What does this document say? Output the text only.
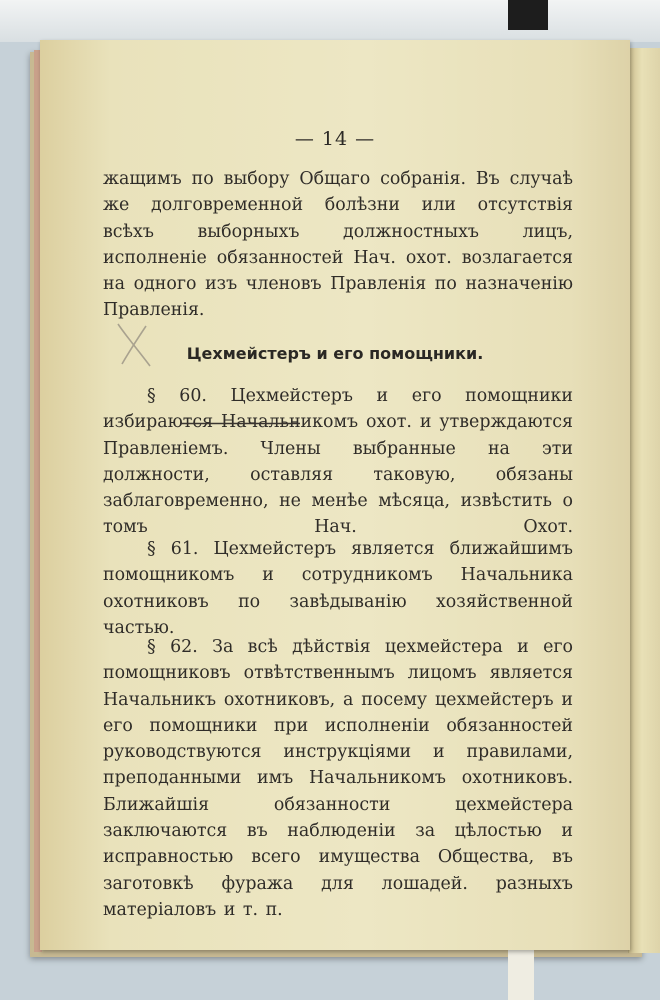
— 14 —

жащимъ по выбору Общаго собранія. Въ случаѣ же долговременной болѣзни или отсутствія всѣхъ выборныхъ должностныхъ лицъ, исполненіе обязанностей Нач. охот. возлагается на одного изъ членовъ Правленія по назначенію Правленія.

Цехмейстеръ и его помощники.

§ 60. Цехмейстеръ и его помощники избираются Начальникомъ охот. и утверждаются Правленіемъ. Члены выбранные на эти должности, оставляя таковую, обязаны заблаговременно, не менѣе мѣсяца, извѣстить о томъ Нач. Охот.

§ 61. Цехмейстеръ является ближайшимъ помощникомъ и сотрудникомъ Начальника охотниковъ по завѣдыванію хозяйственной частью.

§ 62. За всѣ дѣйствія цехмейстера и его помощниковъ отвѣтственнымъ лицомъ является Начальникъ охотниковъ, а посему цехмейстеръ и его помощники при исполненіи обязанностей руководствуются инструкціями и правилами, преподанными имъ Начальникомъ охотниковъ. Ближайшія обязанности цехмейстера заключаются въ наблюденіи за цѣлостью и исправностью всего имущества Общества, въ заготовкѣ фуража для лошадей. разныхъ матеріаловъ и т. п.
